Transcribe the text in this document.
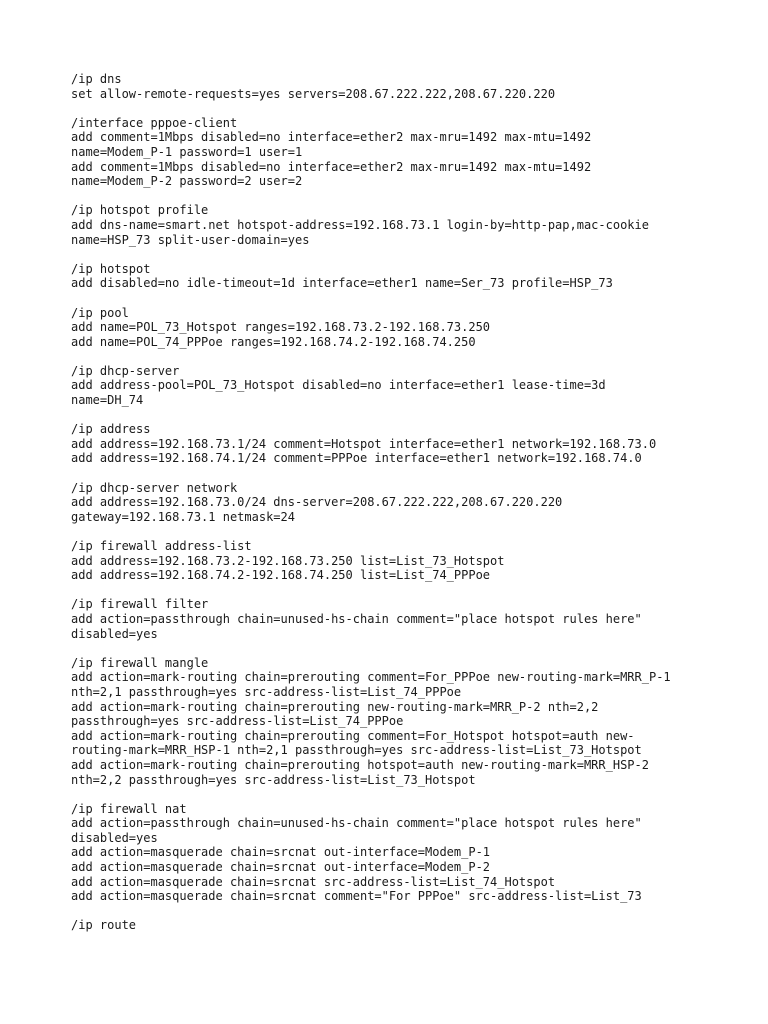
/ip dns
set allow-remote-requests=yes servers=208.67.222.222,208.67.220.220
/interface pppoe-client
add comment=1Mbps disabled=no interface=ether2 max-mru=1492 max-mtu=1492
name=Modem_P-1 password=1 user=1
add comment=1Mbps disabled=no interface=ether2 max-mru=1492 max-mtu=1492
name=Modem_P-2 password=2 user=2
/ip hotspot profile
add dns-name=smart.net hotspot-address=192.168.73.1 login-by=http-pap,mac-cookie
name=HSP_73 split-user-domain=yes
/ip hotspot
add disabled=no idle-timeout=1d interface=ether1 name=Ser_73 profile=HSP_73
/ip pool
add name=POL_73_Hotspot ranges=192.168.73.2-192.168.73.250
add name=POL_74_PPPoe ranges=192.168.74.2-192.168.74.250
/ip dhcp-server
add address-pool=POL_73_Hotspot disabled=no interface=ether1 lease-time=3d
name=DH_74
/ip address
add address=192.168.73.1/24 comment=Hotspot interface=ether1 network=192.168.73.0
add address=192.168.74.1/24 comment=PPPoe interface=ether1 network=192.168.74.0
/ip dhcp-server network
add address=192.168.73.0/24 dns-server=208.67.222.222,208.67.220.220
gateway=192.168.73.1 netmask=24
/ip firewall address-list
add address=192.168.73.2-192.168.73.250 list=List_73_Hotspot
add address=192.168.74.2-192.168.74.250 list=List_74_PPPoe
/ip firewall filter
add action=passthrough chain=unused-hs-chain comment="place hotspot rules here"
disabled=yes
/ip firewall mangle
add action=mark-routing chain=prerouting comment=For_PPPoe new-routing-mark=MRR_P-1
nth=2,1 passthrough=yes src-address-list=List_74_PPPoe
add action=mark-routing chain=prerouting new-routing-mark=MRR_P-2 nth=2,2
passthrough=yes src-address-list=List_74_PPPoe
add action=mark-routing chain=prerouting comment=For_Hotspot hotspot=auth new-
routing-mark=MRR_HSP-1 nth=2,1 passthrough=yes src-address-list=List_73_Hotspot
add action=mark-routing chain=prerouting hotspot=auth new-routing-mark=MRR_HSP-2
nth=2,2 passthrough=yes src-address-list=List_73_Hotspot
/ip firewall nat
add action=passthrough chain=unused-hs-chain comment="place hotspot rules here"
disabled=yes
add action=masquerade chain=srcnat out-interface=Modem_P-1
add action=masquerade chain=srcnat out-interface=Modem_P-2
add action=masquerade chain=srcnat src-address-list=List_74_Hotspot
add action=masquerade chain=srcnat comment="For PPPoe" src-address-list=List_73
/ip route
